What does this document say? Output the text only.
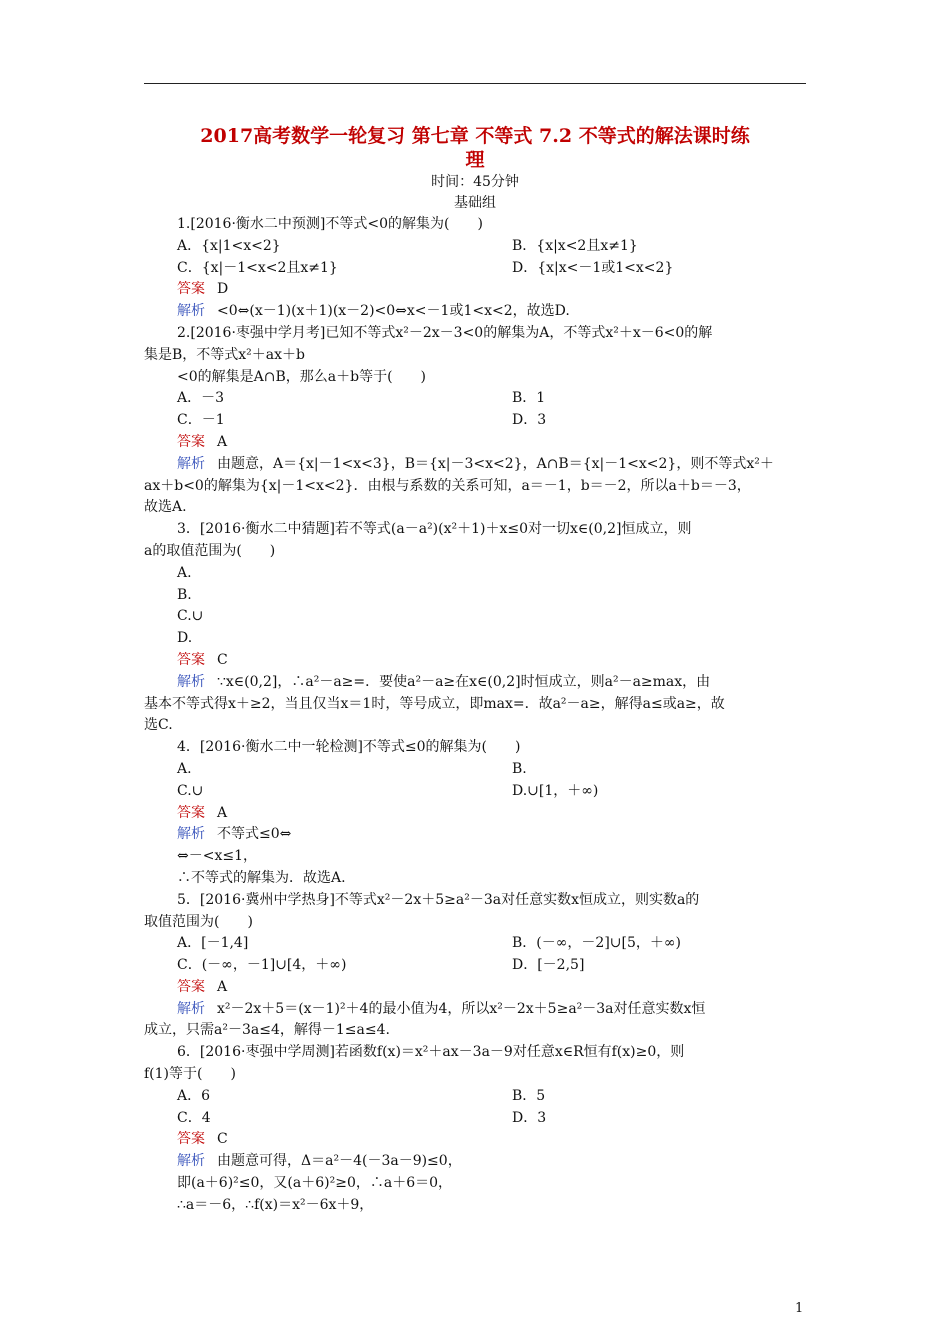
2017高考数学一轮复习 第七章 不等式 7.2 不等式的解法课时练
理
时间：45分钟
基础组
1.[2016·衡水二中预测]不等式<0的解集为(　　)
A．{x|1<x<2}	B．{x|x<2且x≠1}
C．{x|－1<x<2且x≠1}	D．{x|x<－1或1<x<2}
答案 D
解析 <0⇔(x－1)(x＋1)(x－2)<0⇔x<－1或1<x<2，故选D.
2.[2016·枣强中学月考]已知不等式x²－2x－3<0的解集为A，不等式x²＋x－6<0的解
集是B，不等式x²＋ax＋b
<0的解集是A∩B，那么a＋b等于(　　)
A．－3	B．1
C．－1	D．3
答案 A
解析 由题意，A＝{x|－1<x<3}，B＝{x|－3<x<2}，A∩B＝{x|－1<x<2}，则不等式x²＋
ax＋b<0的解集为{x|－1<x<2}．由根与系数的关系可知，a＝－1，b＝－2，所以a＋b＝－3，
故选A.
3．[2016·衡水二中猜题]若不等式(a－a²)(x²＋1)＋x≤0对一切x∈(0,2]恒成立，则
a的取值范围为(　　)
A.
B.
C.∪
D.
答案 C
解析 ∵x∈(0,2]，∴a²－a≥=．要使a²－a≥在x∈(0,2]时恒成立，则a²－a≥max，由
基本不等式得x＋≥2，当且仅当x＝1时，等号成立，即max=．故a²－a≥，解得a≤或a≥，故
选C.
4．[2016·衡水二中一轮检测]不等式≤0的解集为(　　)
A.	B.
C.∪	D.∪[1，＋∞)
答案 A
解析 不等式≤0⇔
⇔－<x≤1，
∴不等式的解集为．故选A.
5．[2016·冀州中学热身]不等式x²－2x＋5≥a²－3a对任意实数x恒成立，则实数a的
取值范围为(　　)
A．[－1,4]	B．(－∞，－2]∪[5，＋∞)
C．(－∞，－1]∪[4，＋∞)	D．[－2,5]
答案 A
解析 x²－2x＋5＝(x－1)²＋4的最小值为4，所以x²－2x＋5≥a²－3a对任意实数x恒
成立，只需a²－3a≤4，解得－1≤a≤4.
6．[2016·枣强中学周测]若函数f(x)＝x²＋ax－3a－9对任意x∈R恒有f(x)≥0，则
f(1)等于(　　)
A．6	B．5
C．4	D．3
答案 C
解析 由题意可得，Δ＝a²－4(－3a－9)≤0，
即(a＋6)²≤0，又(a＋6)²≥0，∴a＋6＝0，
∴a＝－6，∴f(x)＝x²－6x＋9，
1
